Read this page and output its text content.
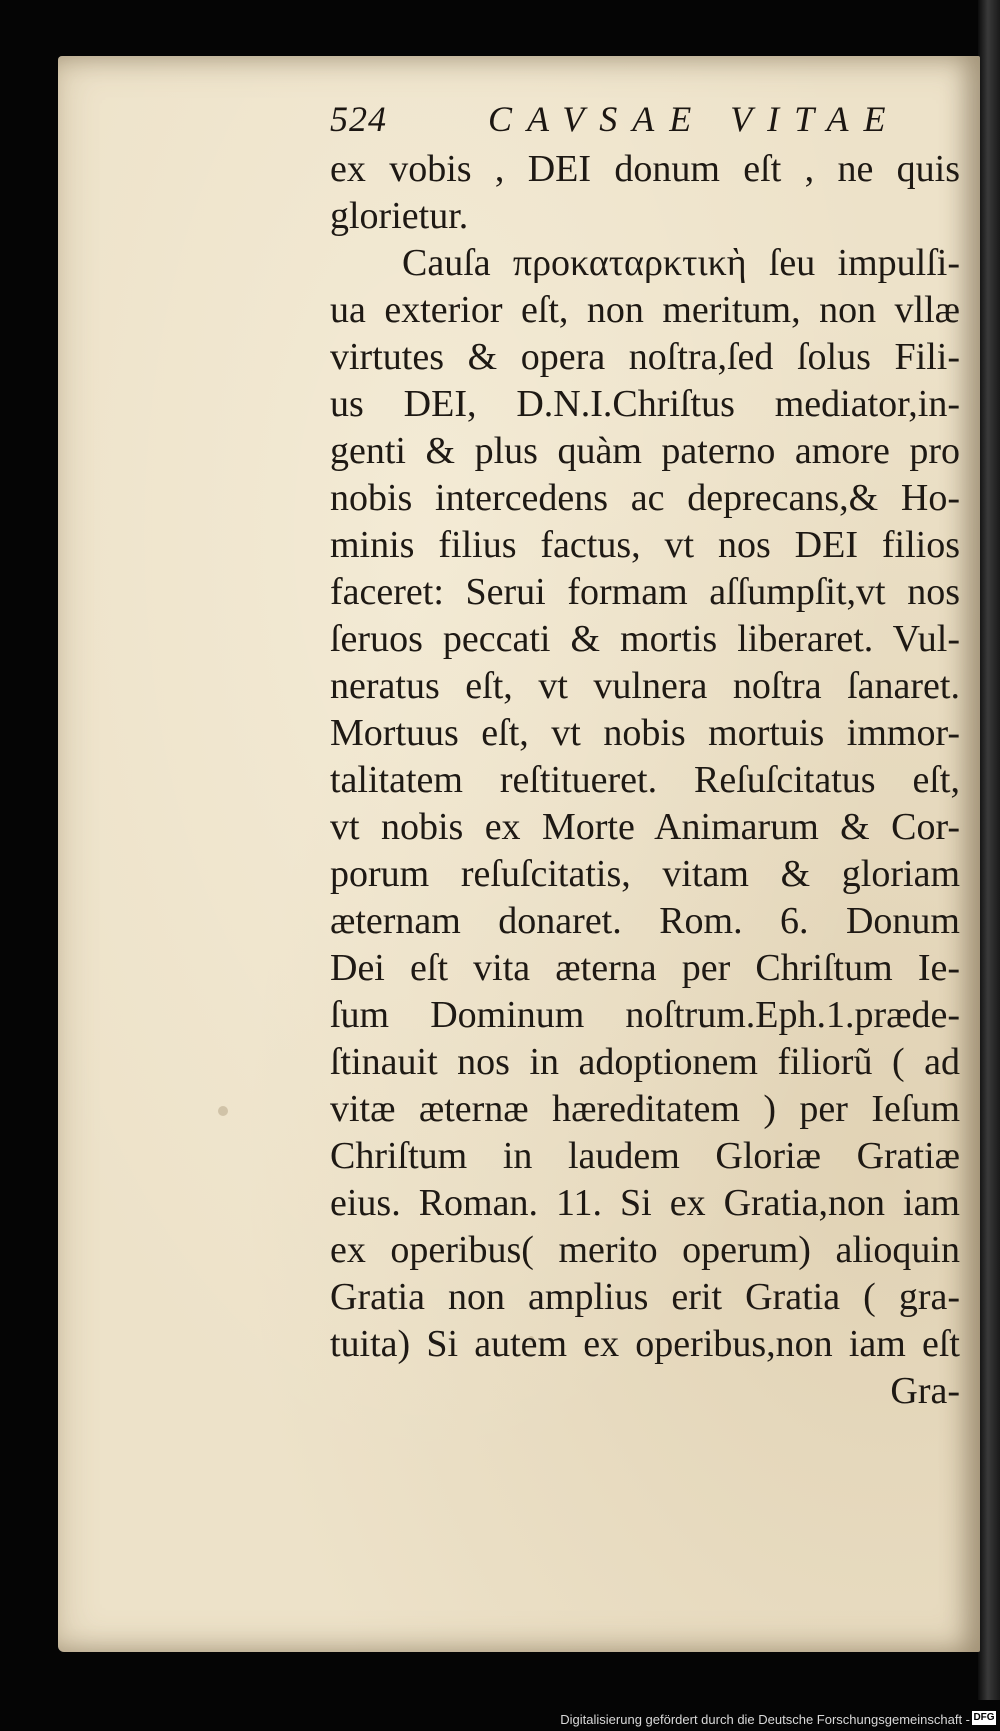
524	CAVSAE VITAE
ex vobis , DEI donum eſt , ne quis
glorietur.
Cauſa προκαταρκτικὴ ſeu impulſi-
ua exterior eſt, non meritum, non vllæ
virtutes & opera noſtra,ſed ſolus Fili-
us DEI, D.N.I.Chriſtus mediator,in-
genti & plus quàm paterno amore pro
nobis intercedens ac deprecans,& Ho-
minis filius factus, vt nos DEI filios
faceret: Serui formam aſſumpſit,vt nos
ſeruos peccati & mortis liberaret. Vul-
neratus eſt, vt vulnera noſtra ſanaret.
Mortuus eſt, vt nobis mortuis immor-
talitatem reſtitueret. Reſuſcitatus eſt,
vt nobis ex Morte Animarum & Cor-
porum reſuſcitatis, vitam & gloriam
æternam donaret. Rom. 6. Donum
Dei eſt vita æterna per Chriſtum Ie-
ſum Dominum noſtrum.Eph.1.præde-
ſtinauit nos in adoptionem filiorũ ( ad
vitæ æternæ hæreditatem ) per Ieſum
Chriſtum in laudem Gloriæ Gratiæ
eius. Roman. 11. Si ex Gratia,non iam
ex operibus( merito operum) alioquin
Gratia non amplius erit Gratia ( gra-
tuita) Si autem ex operibus,non iam eſt
Gra-
Digitalisierung gefördert durch die Deutsche Forschungsgemeinschaft - DFG
